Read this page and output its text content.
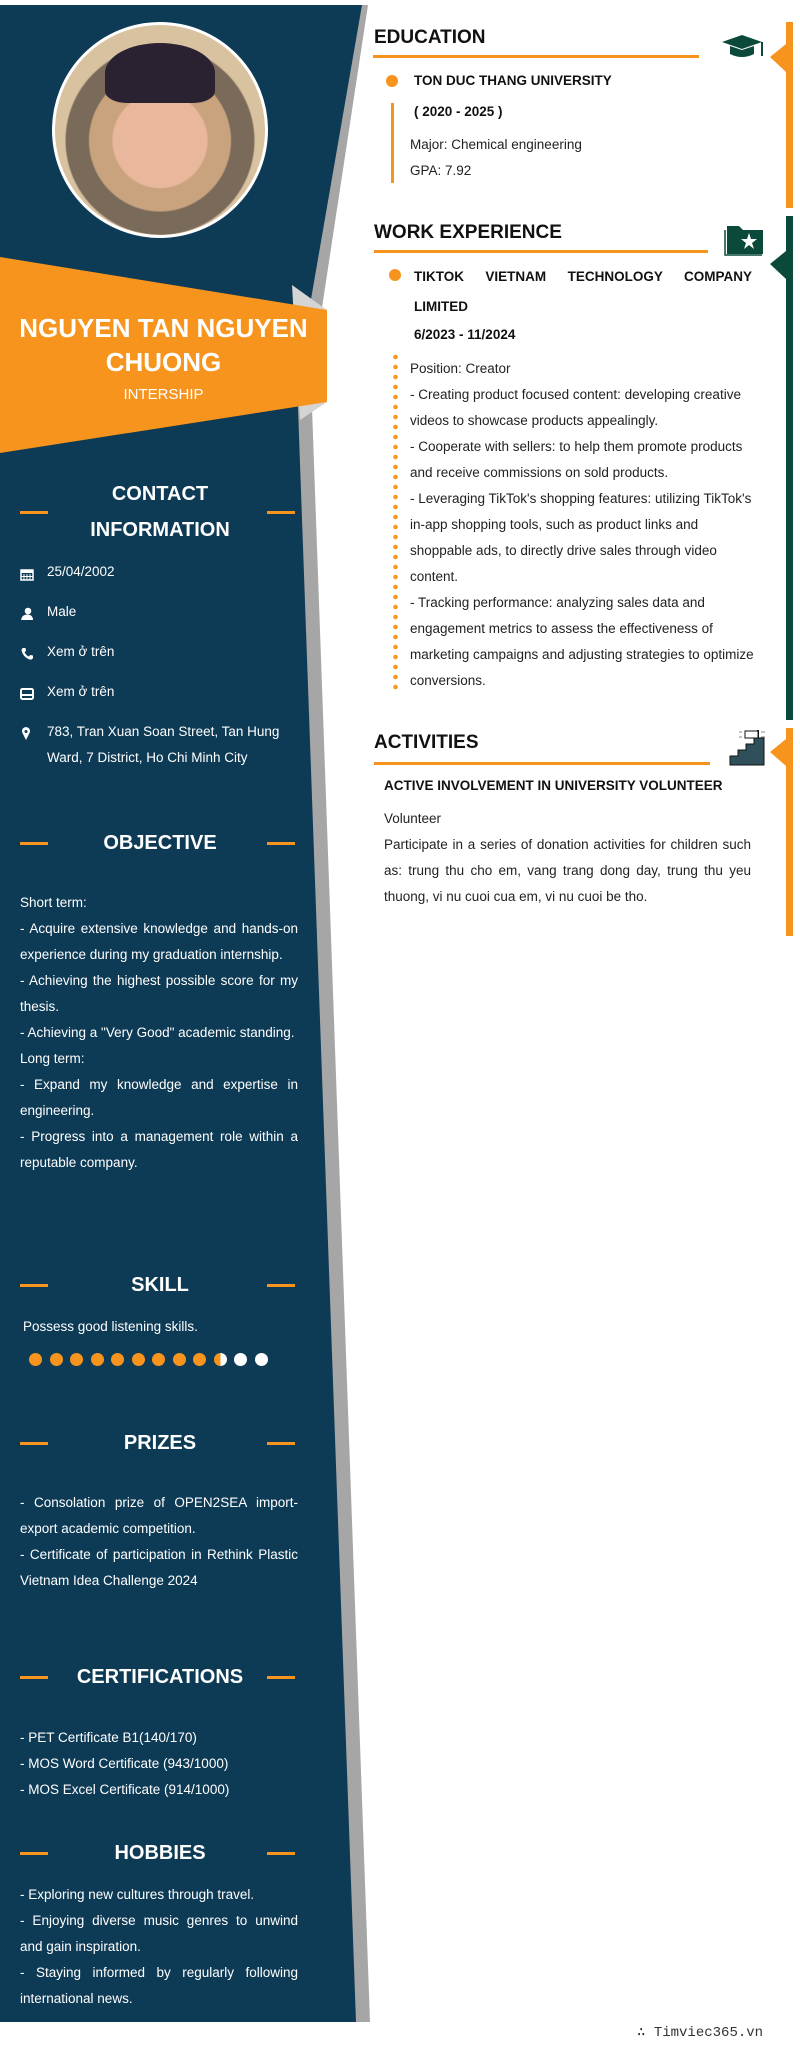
NGUYEN TAN NGUYEN
CHUONG
INTERSHIP
CONTACT
INFORMATION
25/04/2002
Male
Xem ở trên
Xem ở trên
783, Tran Xuan Soan Street, Tan Hung Ward, 7 District, Ho Chi Minh City
OBJECTIVE
Short term:
- Acquire extensive knowledge and hands-on experience during my graduation internship.
- Achieving the highest possible score for my thesis.
- Achieving a "Very Good" academic standing.
Long term:
- Expand my knowledge and expertise in engineering.
- Progress into a management role within a reputable company.
SKILL
Possess good listening skills.
PRIZES
- Consolation prize of OPEN2SEA import-export academic competition.
- Certificate of participation in Rethink Plastic Vietnam Idea Challenge 2024
CERTIFICATIONS
- PET Certificate B1(140/170)
- MOS Word Certificate (943/1000)
- MOS Excel Certificate (914/1000)
HOBBIES
- Exploring new cultures through travel.
- Enjoying diverse music genres to unwind and gain inspiration.
- Staying informed by regularly following international news.
EDUCATION
TON DUC THANG UNIVERSITY
( 2020 - 2025 )
Major: Chemical engineering
GPA: 7.92
WORK EXPERIENCE
TIKTOK VIETNAM TECHNOLOGY COMPANY LIMITED
6/2023 - 11/2024
Position: Creator
- Creating product focused content: developing creative videos to showcase products appealingly.
- Cooperate with sellers: to help them promote products and receive commissions on sold products.
- Leveraging TikTok's shopping features: utilizing TikTok's in-app shopping tools, such as product links and shoppable ads, to directly drive sales through video content.
- Tracking performance: analyzing sales data and engagement metrics to assess the effectiveness of marketing campaigns and adjusting strategies to optimize conversions.
ACTIVITIES
ACTIVE INVOLVEMENT IN UNIVERSITY VOLUNTEER
Volunteer
Participate in a series of donation activities for children such as: trung thu cho em, vang trang dong day, trung thu yeu thuong, vi nu cuoi cua em, vi nu cuoi be tho.
∴ Timviec365.vn
